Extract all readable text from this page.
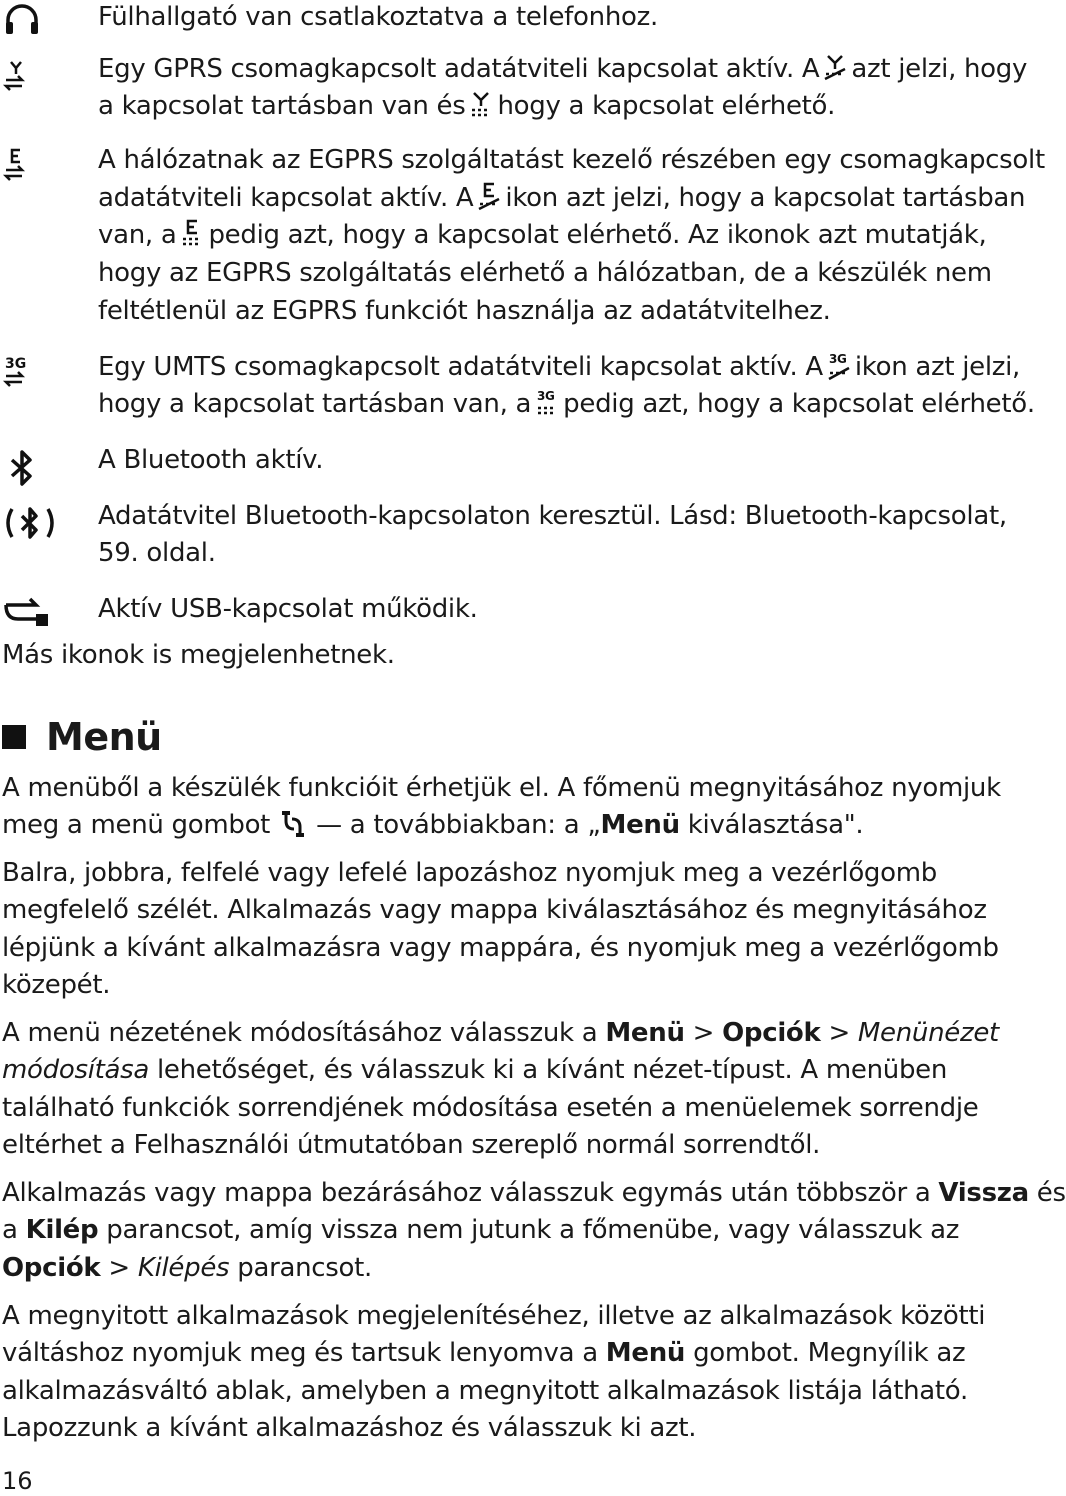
Fülhallgató van csatlakoztatva a telefonhoz.
Egy GPRS csomagkapcsolt adatátviteli kapcsolat aktív. A azt jelzi, hogy
a kapcsolat tartásban van és hogy a kapcsolat elérhető.
A hálózatnak az EGPRS szolgáltatást kezelő részében egy csomagkapcsolt
adatátviteli kapcsolat aktív. A ikon azt jelzi, hogy a kapcsolat tartásban
van, a pedig azt, hogy a kapcsolat elérhető. Az ikonok azt mutatják,
hogy az EGPRS szolgáltatás elérhető a hálózatban, de a készülék nem
feltétlenül az EGPRS funkciót használja az adatátvitelhez.
3G	Egy UMTS csomagkapcsolt adatátviteli kapcsolat aktív. A 3G ikon azt jelzi,
hogy a kapcsolat tartásban van, a 3G pedig azt, hogy a kapcsolat elérhető.
A Bluetooth aktív.
Adatátvitel Bluetooth-kapcsolaton keresztül. Lásd: Bluetooth-kapcsolat,
59. oldal.
Aktív USB-kapcsolat működik.
Más ikonok is megjelenhetnek.
Menü
A menüből a készülék funkcióit érhetjük el. A főmenü megnyitásához nyomjuk
meg a menü gombot — a továbbiakban: a „Menü kiválasztása".
Balra, jobbra, felfelé vagy lefelé lapozáshoz nyomjuk meg a vezérlőgomb
megfelelő szélét. Alkalmazás vagy mappa kiválasztásához és megnyitásához
lépjünk a kívánt alkalmazásra vagy mappára, és nyomjuk meg a vezérlőgomb
közepét.
A menü nézetének módosításához válasszuk a Menü > Opciók > Menünézet
módosítása lehetőséget, és válasszuk ki a kívánt nézet-típust. A menüben
található funkciók sorrendjének módosítása esetén a menüelemek sorrendje
eltérhet a Felhasználói útmutatóban szereplő normál sorrendtől.
Alkalmazás vagy mappa bezárásához válasszuk egymás után többször a Vissza és
a Kilép parancsot, amíg vissza nem jutunk a főmenübe, vagy válasszuk az
Opciók > Kilépés parancsot.
A megnyitott alkalmazások megjelenítéséhez, illetve az alkalmazások közötti
váltáshoz nyomjuk meg és tartsuk lenyomva a Menü gombot. Megnyílik az
alkalmazásváltó ablak, amelyben a megnyitott alkalmazások listája látható.
Lapozzunk a kívánt alkalmazáshoz és válasszuk ki azt.
16
